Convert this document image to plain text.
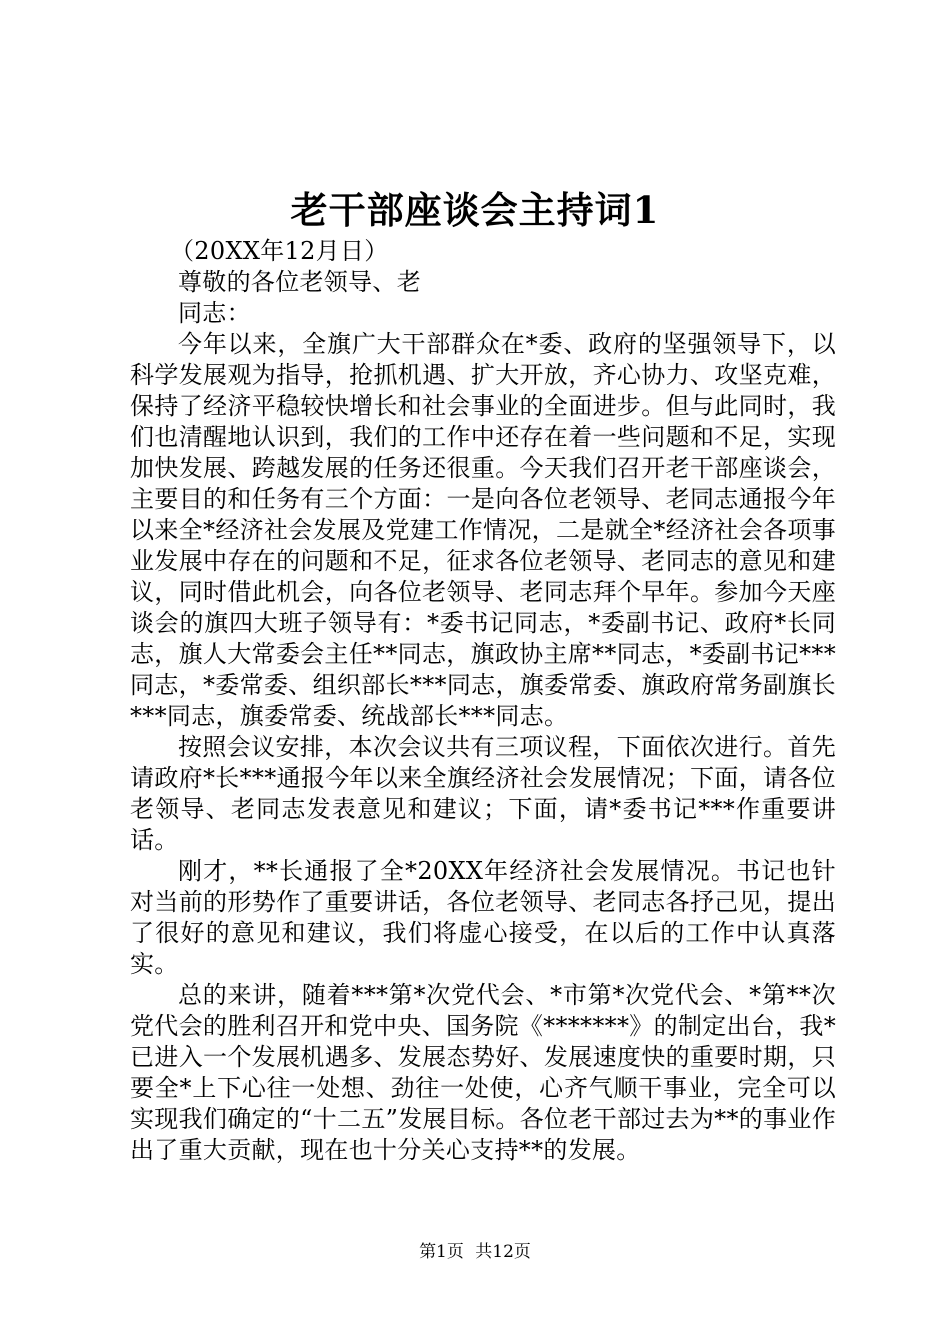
老干部座谈会主持词1

（20XX年12月日）

尊敬的各位老领导、老

同志：

今年以来，全旗广大干部群众在*委、政府的坚强领导下，以科学发展观为指导，抢抓机遇、扩大开放，齐心协力、攻坚克难，保持了经济平稳较快增长和社会事业的全面进步。但与此同时，我们也清醒地认识到，我们的工作中还存在着一些问题和不足，实现加快发展、跨越发展的任务还很重。今天我们召开老干部座谈会，主要目的和任务有三个方面：一是向各位老领导、老同志通报今年以来全*经济社会发展及党建工作情况，二是就全*经济社会各项事业发展中存在的问题和不足，征求各位老领导、老同志的意见和建议，同时借此机会，向各位老领导、老同志拜个早年。参加今天座谈会的旗四大班子领导有：*委书记同志，*委副书记、政府*长同志，旗人大常委会主任**同志，旗政协主席**同志，*委副书记***同志，*委常委、组织部长***同志，旗委常委、旗政府常务副旗长***同志，旗委常委、统战部长***同志。

按照会议安排，本次会议共有三项议程，下面依次进行。首先请政府*长***通报今年以来全旗经济社会发展情况；下面，请各位老领导、老同志发表意见和建议；下面，请*委书记***作重要讲话。

刚才，**长通报了全*20XX年经济社会发展情况。书记也针对当前的形势作了重要讲话，各位老领导、老同志各抒己见，提出了很好的意见和建议，我们将虚心接受，在以后的工作中认真落实。

总的来讲，随着***第*次党代会、*市第*次党代会、*第**次党代会的胜利召开和党中央、国务院《*******》的制定出台，我*已进入一个发展机遇多、发展态势好、发展速度快的重要时期，只要全*上下心往一处想、劲往一处使，心齐气顺干事业，完全可以实现我们确定的“十二五”发展目标。各位老干部过去为**的事业作出了重大贡献，现在也十分关心支持**的发展。

第1页 共12页
